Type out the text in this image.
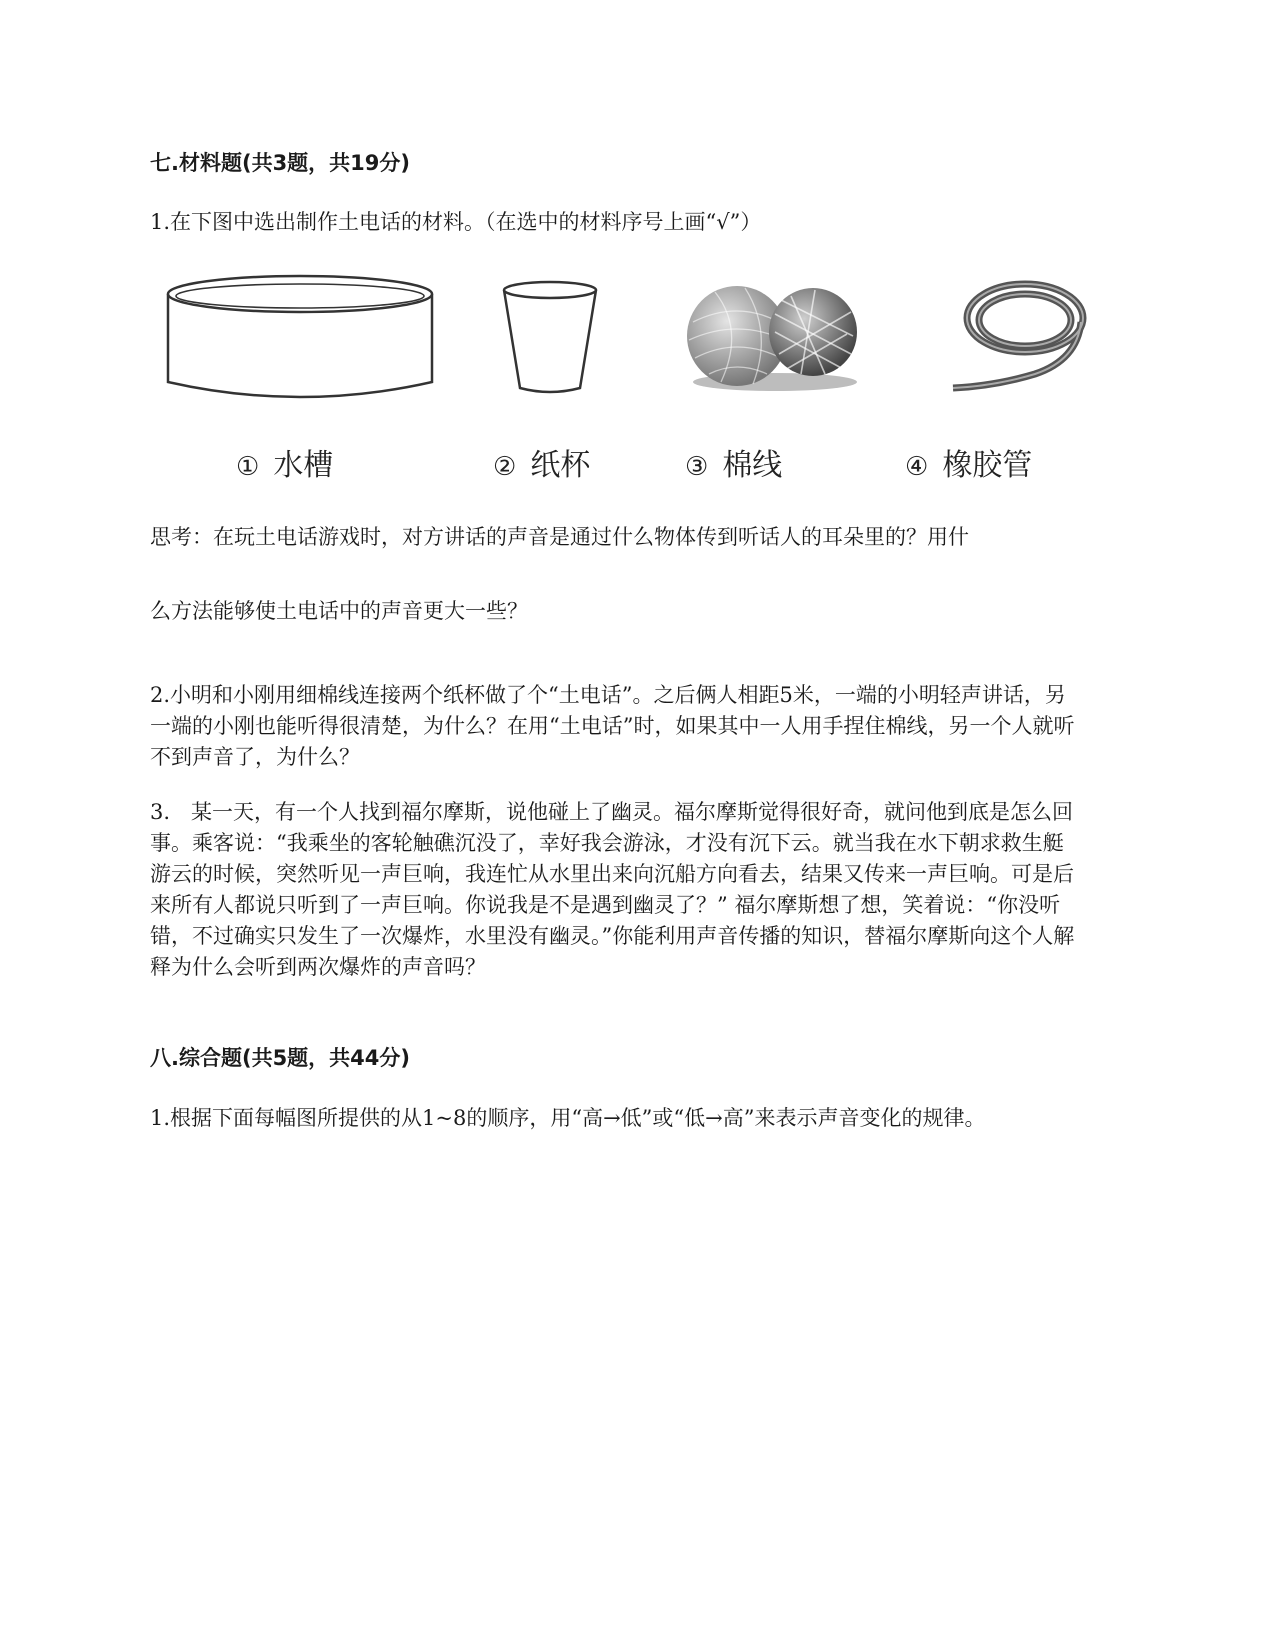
七.材料题(共3题，共19分)

1.在下图中选出制作土电话的材料。（在选中的材料序号上画“√”）

① 水槽	② 纸杯	③ 棉线	④ 橡胶管

思考：在玩土电话游戏时，对方讲话的声音是通过什么物体传到听话人的耳朵里的？用什

么方法能够使土电话中的声音更大一些？

2.小明和小刚用细棉线连接两个纸杯做了个“土电话”。之后俩人相距5米，一端的小明轻声讲话，另一端的小刚也能听得很清楚，为什么？在用“土电话”时，如果其中一人用手捏住棉线，另一个人就听不到声音了，为什么？

3.　某一天，有一个人找到福尔摩斯，说他碰上了幽灵。福尔摩斯觉得很好奇，就问他到底是怎么回事。乘客说：“我乘坐的客轮触礁沉没了，幸好我会游泳，才没有沉下云。就当我在水下朝求救生艇游云的时候，突然听见一声巨响，我连忙从水里出来向沉船方向看去，结果又传来一声巨响。可是后来所有人都说只听到了一声巨响。你说我是不是遇到幽灵了？” 福尔摩斯想了想，笑着说：“你没听错，不过确实只发生了一次爆炸，水里没有幽灵。”你能利用声音传播的知识，替福尔摩斯向这个人解释为什么会听到两次爆炸的声音吗？

八.综合题(共5题，共44分)

1.根据下面每幅图所提供的从1~8的顺序，用“高→低”或“低→高”来表示声音变化的规律。
